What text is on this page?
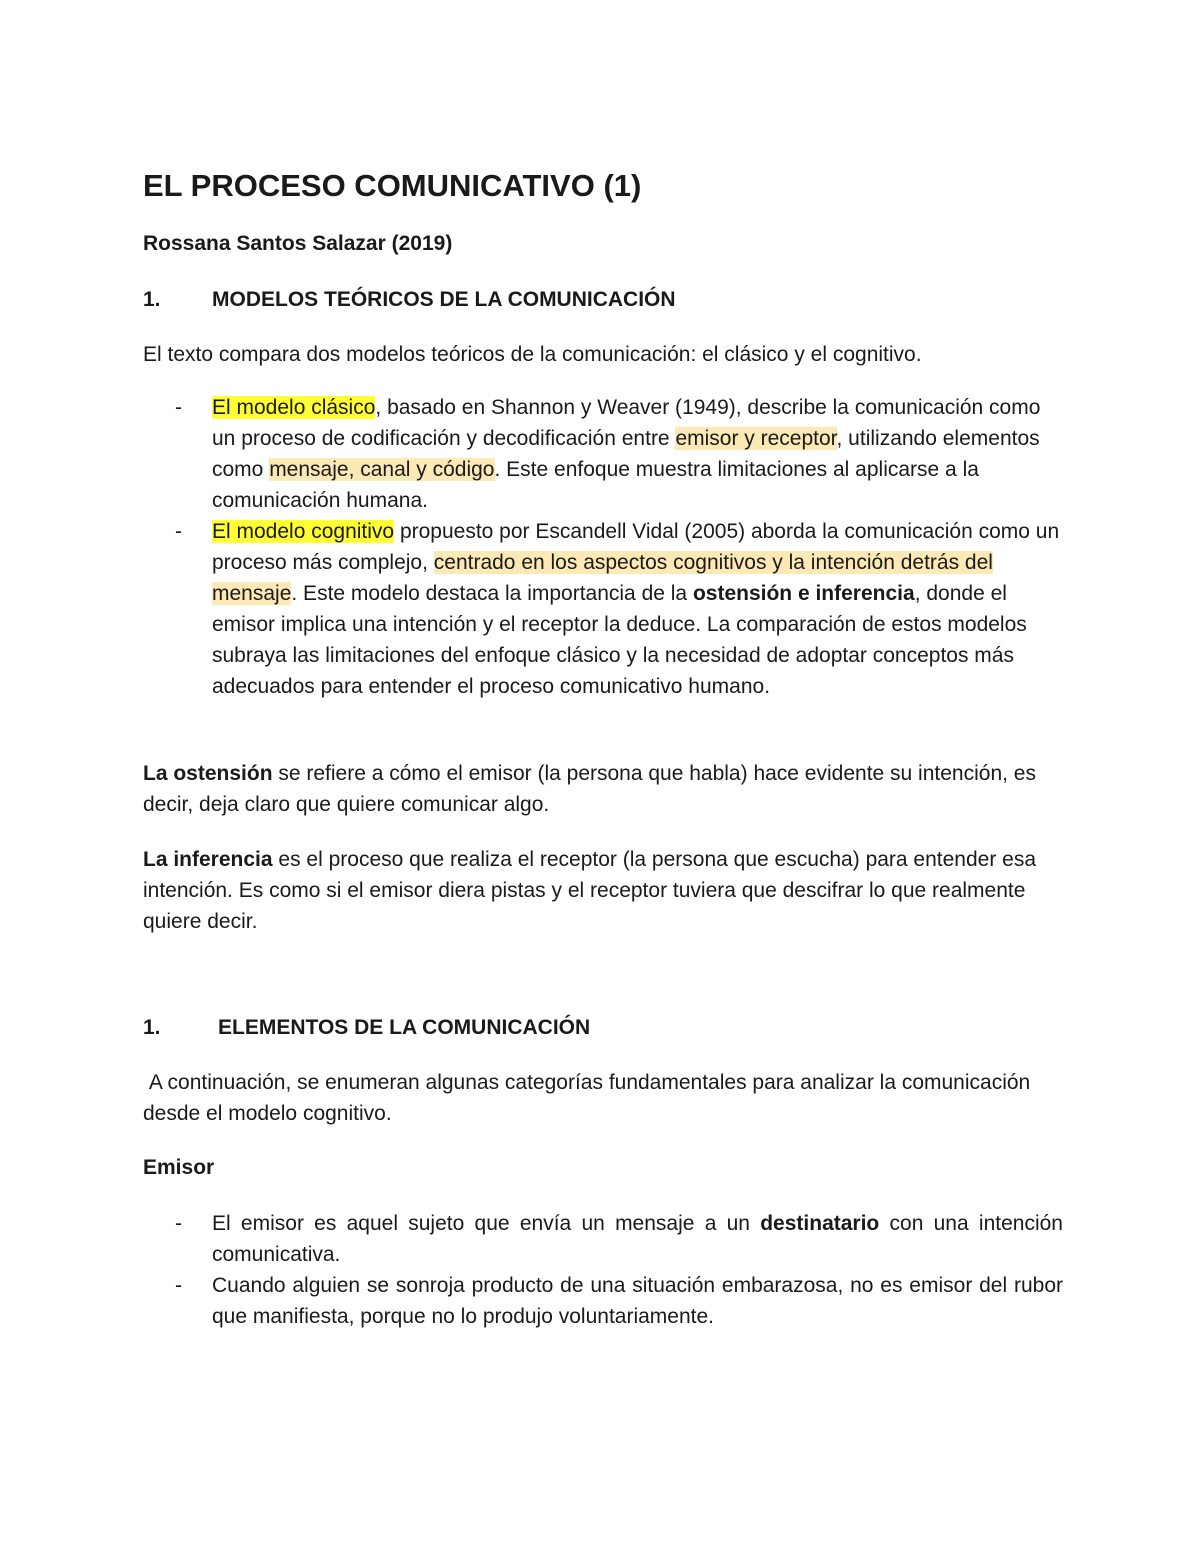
EL PROCESO COMUNICATIVO (1)

Rossana Santos Salazar (2019)

1. MODELOS TEÓRICOS DE LA COMUNICACIÓN

El texto compara dos modelos teóricos de la comunicación: el clásico y el cognitivo.

- El modelo clásico, basado en Shannon y Weaver (1949), describe la comunicación como un proceso de codificación y decodificación entre emisor y receptor, utilizando elementos como mensaje, canal y código. Este enfoque muestra limitaciones al aplicarse a la comunicación humana.
- El modelo cognitivo propuesto por Escandell Vidal (2005) aborda la comunicación como un proceso más complejo, centrado en los aspectos cognitivos y la intención detrás del mensaje. Este modelo destaca la importancia de la ostensión e inferencia, donde el emisor implica una intención y el receptor la deduce. La comparación de estos modelos subraya las limitaciones del enfoque clásico y la necesidad de adoptar conceptos más adecuados para entender el proceso comunicativo humano.

La ostensión se refiere a cómo el emisor (la persona que habla) hace evidente su intención, es decir, deja claro que quiere comunicar algo.

La inferencia es el proceso que realiza el receptor (la persona que escucha) para entender esa intención. Es como si el emisor diera pistas y el receptor tuviera que descifrar lo que realmente quiere decir.

1.	ELEMENTOS DE LA COMUNICACIÓN

A continuación, se enumeran algunas categorías fundamentales para analizar la comunicación desde el modelo cognitivo.

Emisor
- El emisor es aquel sujeto que envía un mensaje a un destinatario con una intención comunicativa.
- Cuando alguien se sonroja producto de una situación embarazosa, no es emisor del rubor que manifiesta, porque no lo produjo voluntariamente.
